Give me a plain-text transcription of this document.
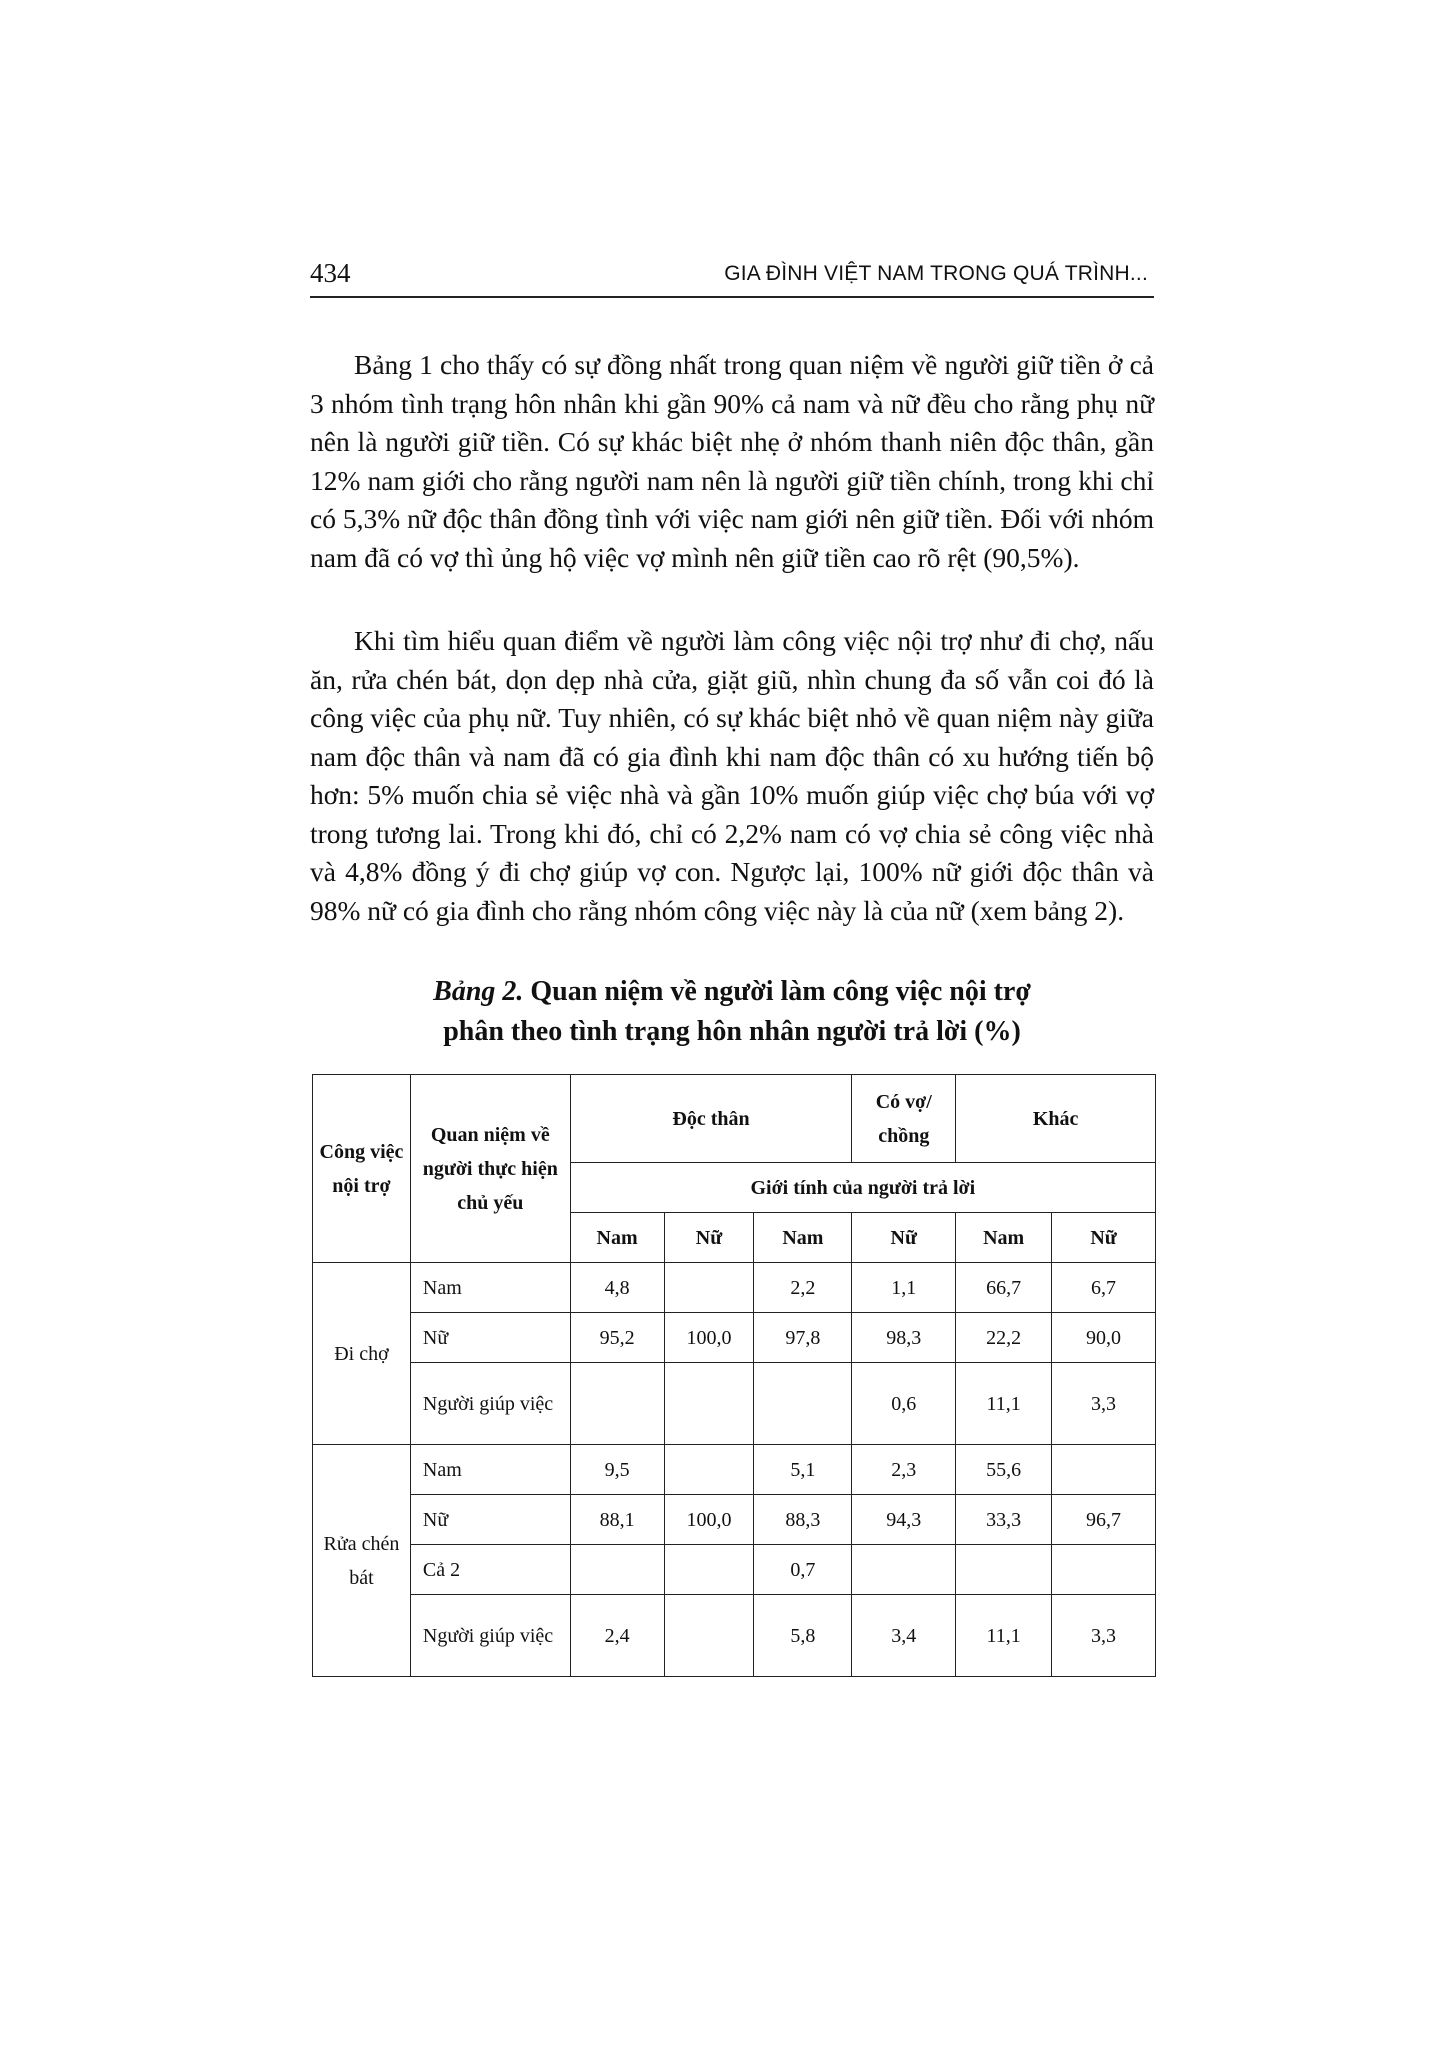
434	GIA ĐÌNH VIỆT NAM TRONG QUÁ TRÌNH...

Bảng 1 cho thấy có sự đồng nhất trong quan niệm về người giữ tiền ở cả 3 nhóm tình trạng hôn nhân khi gần 90% cả nam và nữ đều cho rằng phụ nữ nên là người giữ tiền. Có sự khác biệt nhẹ ở nhóm thanh niên độc thân, gần 12% nam giới cho rằng người nam nên là người giữ tiền chính, trong khi chỉ có 5,3% nữ độc thân đồng tình với việc nam giới nên giữ tiền. Đối với nhóm nam đã có vợ thì ủng hộ việc vợ mình nên giữ tiền cao rõ rệt (90,5%).

Khi tìm hiểu quan điểm về người làm công việc nội trợ như đi chợ, nấu ăn, rửa chén bát, dọn dẹp nhà cửa, giặt giũ, nhìn chung đa số vẫn coi đó là công việc của phụ nữ. Tuy nhiên, có sự khác biệt nhỏ về quan niệm này giữa nam độc thân và nam đã có gia đình khi nam độc thân có xu hướng tiến bộ hơn: 5% muốn chia sẻ việc nhà và gần 10% muốn giúp việc chợ búa với vợ trong tương lai. Trong khi đó, chỉ có 2,2% nam có vợ chia sẻ công việc nhà và 4,8% đồng ý đi chợ giúp vợ con. Ngược lại, 100% nữ giới độc thân và 98% nữ có gia đình cho rằng nhóm công việc này là của nữ (xem bảng 2).

Bảng 2. Quan niệm về người làm công việc nội trợ
phân theo tình trạng hôn nhân người trả lời (%)
Công việc nội trợ	Quan niệm về người thực hiện chủ yếu	Độc thân			Có vợ/ chồng	Khác	
		Giới tính của người trả lời					
		Nam	Nữ	Nam	Nữ	Nam	Nữ
Đi chợ	Nam	4,8		2,2	1,1	66,7	6,7
	Nữ	95,2	100,0	97,8	98,3	22,2	90,0
	Người giúp việc				0,6	11,1	3,3
Rửa chén bát	Nam	9,5		5,1	2,3	55,6	
	Nữ	88,1	100,0	88,3	94,3	33,3	96,7
	Cả 2			0,7			
	Người giúp việc	2,4		5,8	3,4	11,1	3,3
